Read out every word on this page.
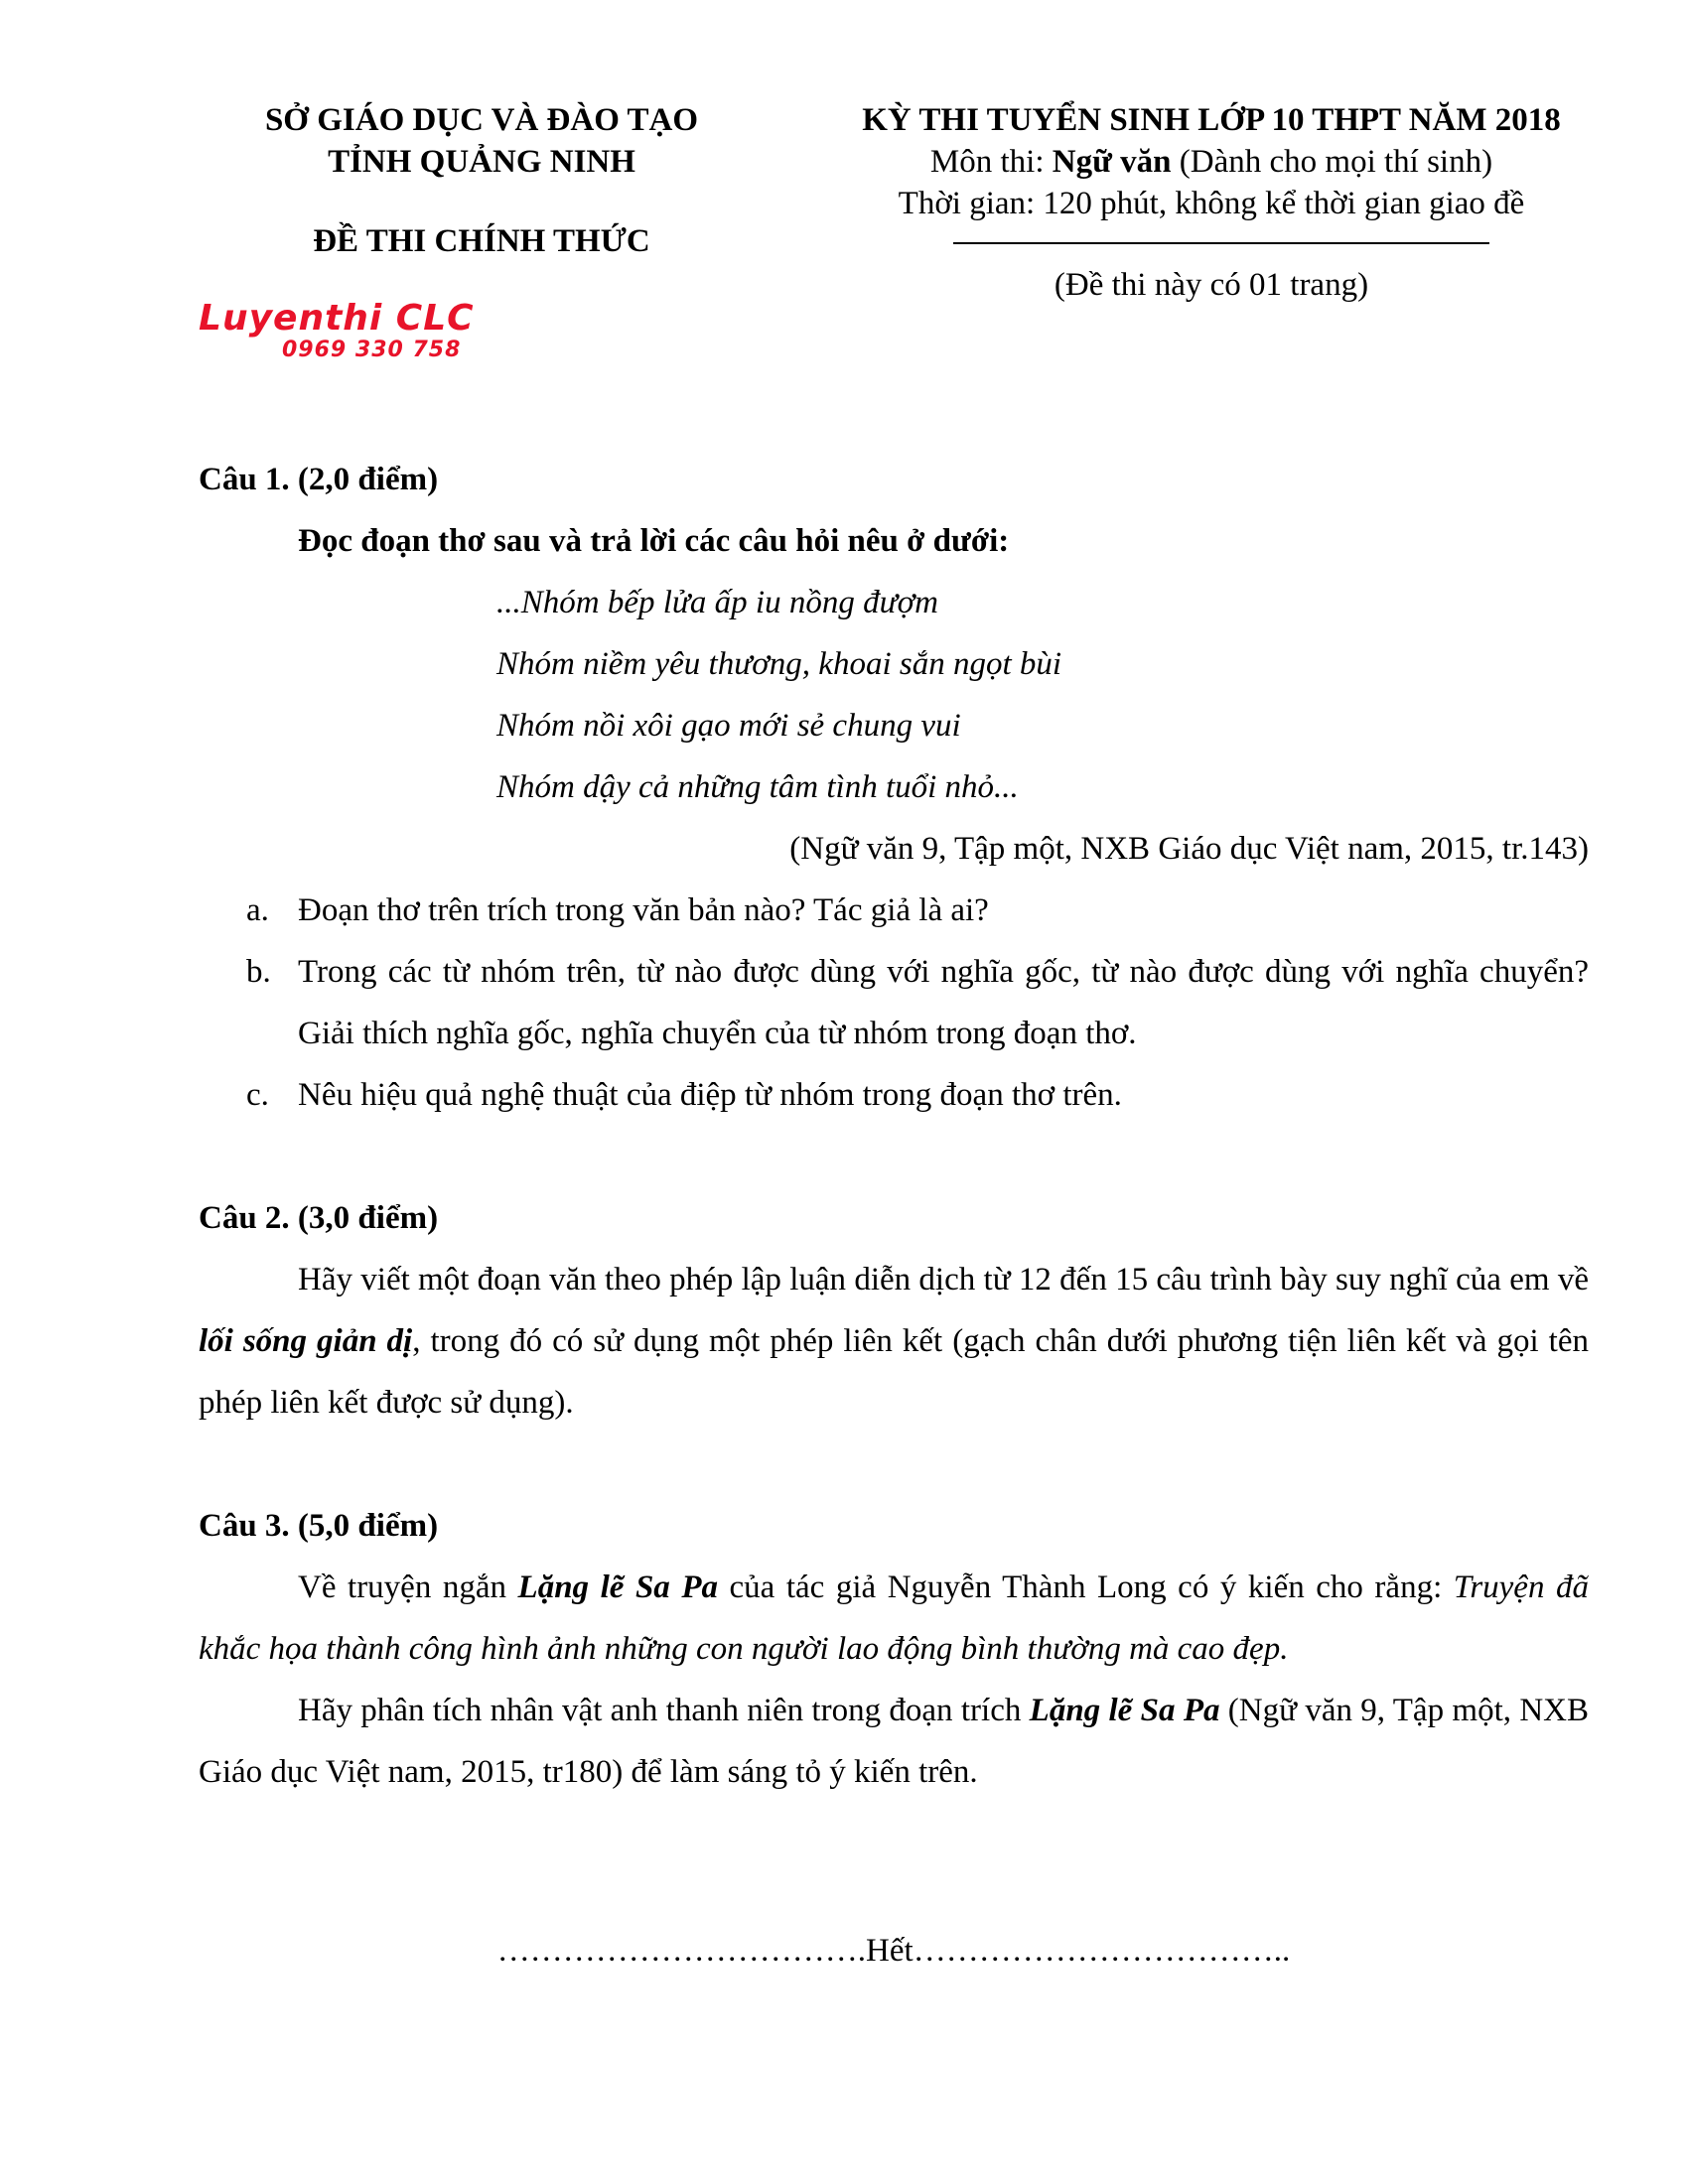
SỞ GIÁO DỤC VÀ ĐÀO TẠO
TỈNH QUẢNG NINH
ĐỀ THI CHÍNH THỨC
KỲ THI TUYỂN SINH LỚP 10 THPT NĂM 2018
Môn thi: Ngữ văn (Dành cho mọi thí sinh)
Thời gian: 120 phút, không kể thời gian giao đề
(Đề thi này có 01 trang)
Luyenthi CLC
0969 330 758
Câu 1. (2,0 điểm)
Đọc đoạn thơ sau và trả lời các câu hỏi nêu ở dưới:
...Nhóm bếp lửa ấp iu nồng đượm
Nhóm niềm yêu thương, khoai sắn ngọt bùi
Nhóm nồi xôi gạo mới sẻ chung vui
Nhóm dậy cả những tâm tình tuổi nhỏ...
(Ngữ văn 9, Tập một, NXB Giáo dục Việt nam, 2015, tr.143)
a. Đoạn thơ trên trích trong văn bản nào? Tác giả là ai?
b. Trong các từ nhóm trên, từ nào được dùng với nghĩa gốc, từ nào được dùng với nghĩa chuyển? Giải thích nghĩa gốc, nghĩa chuyển của từ nhóm trong đoạn thơ.
c. Nêu hiệu quả nghệ thuật của điệp từ nhóm trong đoạn thơ trên.
Câu 2. (3,0 điểm)
Hãy viết một đoạn văn theo phép lập luận diễn dịch từ 12 đến 15 câu trình bày suy nghĩ của em về lối sống giản dị, trong đó có sử dụng một phép liên kết (gạch chân dưới phương tiện liên kết và gọi tên phép liên kết được sử dụng).
Câu 3. (5,0 điểm)
Về truyện ngắn Lặng lẽ Sa Pa của tác giả Nguyễn Thành Long có ý kiến cho rằng: Truyện đã khắc họa thành công hình ảnh những con người lao động bình thường mà cao đẹp.
Hãy phân tích nhân vật anh thanh niên trong đoạn trích Lặng lẽ Sa Pa (Ngữ văn 9, Tập một, NXB Giáo dục Việt nam, 2015, tr180) để làm sáng tỏ ý kiến trên.
…………………………….Hết……………………………..
